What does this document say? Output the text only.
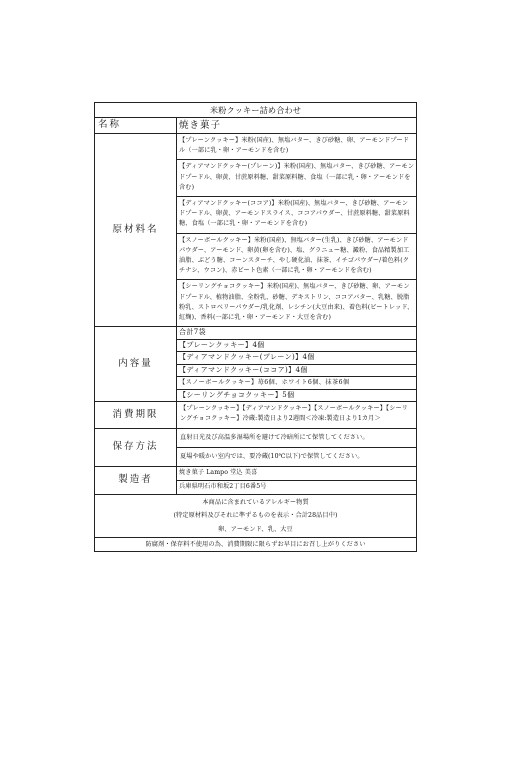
米粉クッキー詰め合わせ	
名称	焼き菓子
原材料名	【プレーンクッキー】米粉(国産)、無塩バター、きび砂糖、卵、アーモンドプードル（一部に乳・卵・アーモンドを含む)

	【ディアマンドクッキー(プレーン)】米粉(国産)、無塩バター、きび砂糖、アーモンドプードル、卵黄、甘蔗原料糖、甜菜原料糖、食塩（一部に乳・卵・アーモンドを含む)

	【ディアマンドクッキー(ココア)】米粉(国産)、無塩バター、きび砂糖、アーモンドプードル、卵黄、アーモンドスライス、ココアパウダー、甘蔗原料糖、甜菜原料糖、食塩（一部に乳・卵・アーモンドを含む)

	【スノーボールクッキー】米粉(国産)、無塩バター(生乳)、きび砂糖、アーモンドパウダー、アーモンド、卵黄(卵を含む)、塩、グラニュー糖、澱粉、食品精製加工油脂、ぶどう糖、コーンスターチ、やし硬化油、抹茶、イチゴパウダー/着色料(クチナシ、ウコン)、赤ビート色素（一部に乳・卵・アーモンドを含む)

	【シーリングチョコクッキー】米粉(国産)、無塩バター、きび砂糖、卵、アーモンドプードル、植物油脂、全粉乳、砂糖、デキストリン、ココアバター、乳糖、脱脂粉乳、ストロベリーパウダー/乳化剤、レシチン(大豆由来)、着色料(ビートレッド、紅麹)、香料(一部に乳・卵・アーモンド・大豆を含む)

内容量	合計7袋
	【プレーンクッキー】4個
	【ディアマンドクッキー(プレーン)】4個
	【ディアマンドクッキー(ココア)】4個
	【スノーボールクッキー】苺6個、ホワイト6個、抹茶6個
	【シーリングチョコクッキー】5個
消費期限	【プレーンクッキー】【ディアマンドクッキー】【スノーボールクッキー】【シーリングチョコクッキー】冷蔵:製造日より2週間＜冷凍:製造日より1カ月＞
保存方法	直射日光及び高温多湿場所を避けて冷暗所にて保管してください。
	夏場や暖かい室内では、要冷蔵(10℃以下)で保管してください。
製造者	焼き菓子 Lampo 堂込 美喜
	兵庫県明石市和坂2丁目6番5号

本商品に含まれているアレルギー物質
(特定原材料及びそれに準ずるものを表示・合計28品目中)
卵、アーモンド、乳、大豆	

防腐剤・保存料不使用の為、消費期限に限らずお早目にお召し上がりください	
